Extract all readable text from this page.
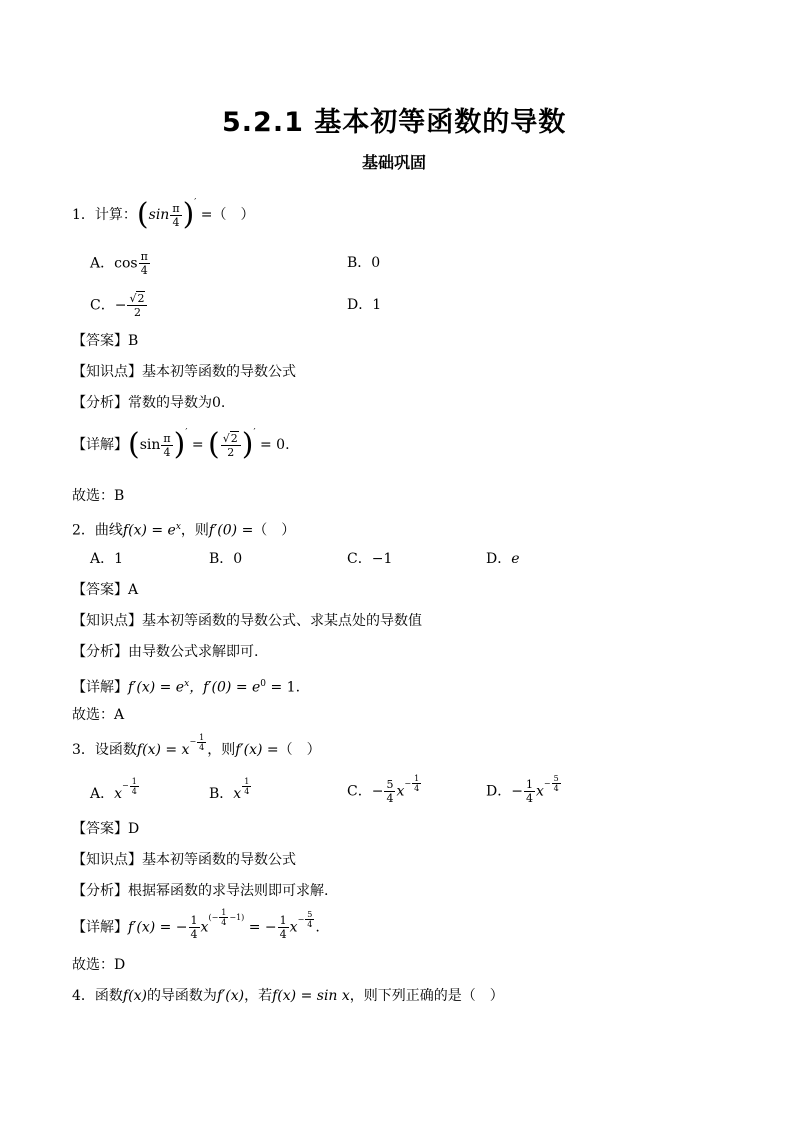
5.2.1 基本初等函数的导数
基础巩固
1．计算：$(\sin \frac{\pi}{4} )'$ =（　）
A．$\cos \frac{\pi}{4}$	B．0
C．− $\frac{√2}{2}$	D．1
【答案】B
【知识点】基本初等函数的导数公式
【分析】常数的导数为0.
【详解】$(\sin \frac{\pi}{4} )'$ = ( $\frac{√2}{2} )' = 0$.
故选：B
2．曲线$f(x) = e^x$，则f′(0) =（　）
A．1	B．0	C．−1	D．e
【答案】A
【知识点】基本初等函数的导数公式、求某点处的导数值
【分析】由导数公式求解即可.
【详解】$f'(x) = e^x$，$f'(0) = e^0 = 1$.
故选：A
3．设函数$f(x) = x^{- \frac{1}{4}}$ ，则f′(x) =（　）
A．$x^{- \frac{1}{4}}$	B．x $^{\frac{1}{4}}$	C．− $\frac{5}{4} x^{- \frac{1}{4}}$	D．− $\frac{1}{4} x^{- \frac{5}{4}}$
【答案】D
【知识点】基本初等函数的导数公式
【分析】根据幂函数的求导法则即可求解.
【详解】f′(x) = − $\frac{1}{4} x^{(- \frac{1}{4} -1)}$ = − $\frac{1}{4} x^{- \frac{5}{4}}$ .
故选：D
4．函数f(x)的导函数为f′(x)，若f(x) = sin x，则下列正确的是（　）
